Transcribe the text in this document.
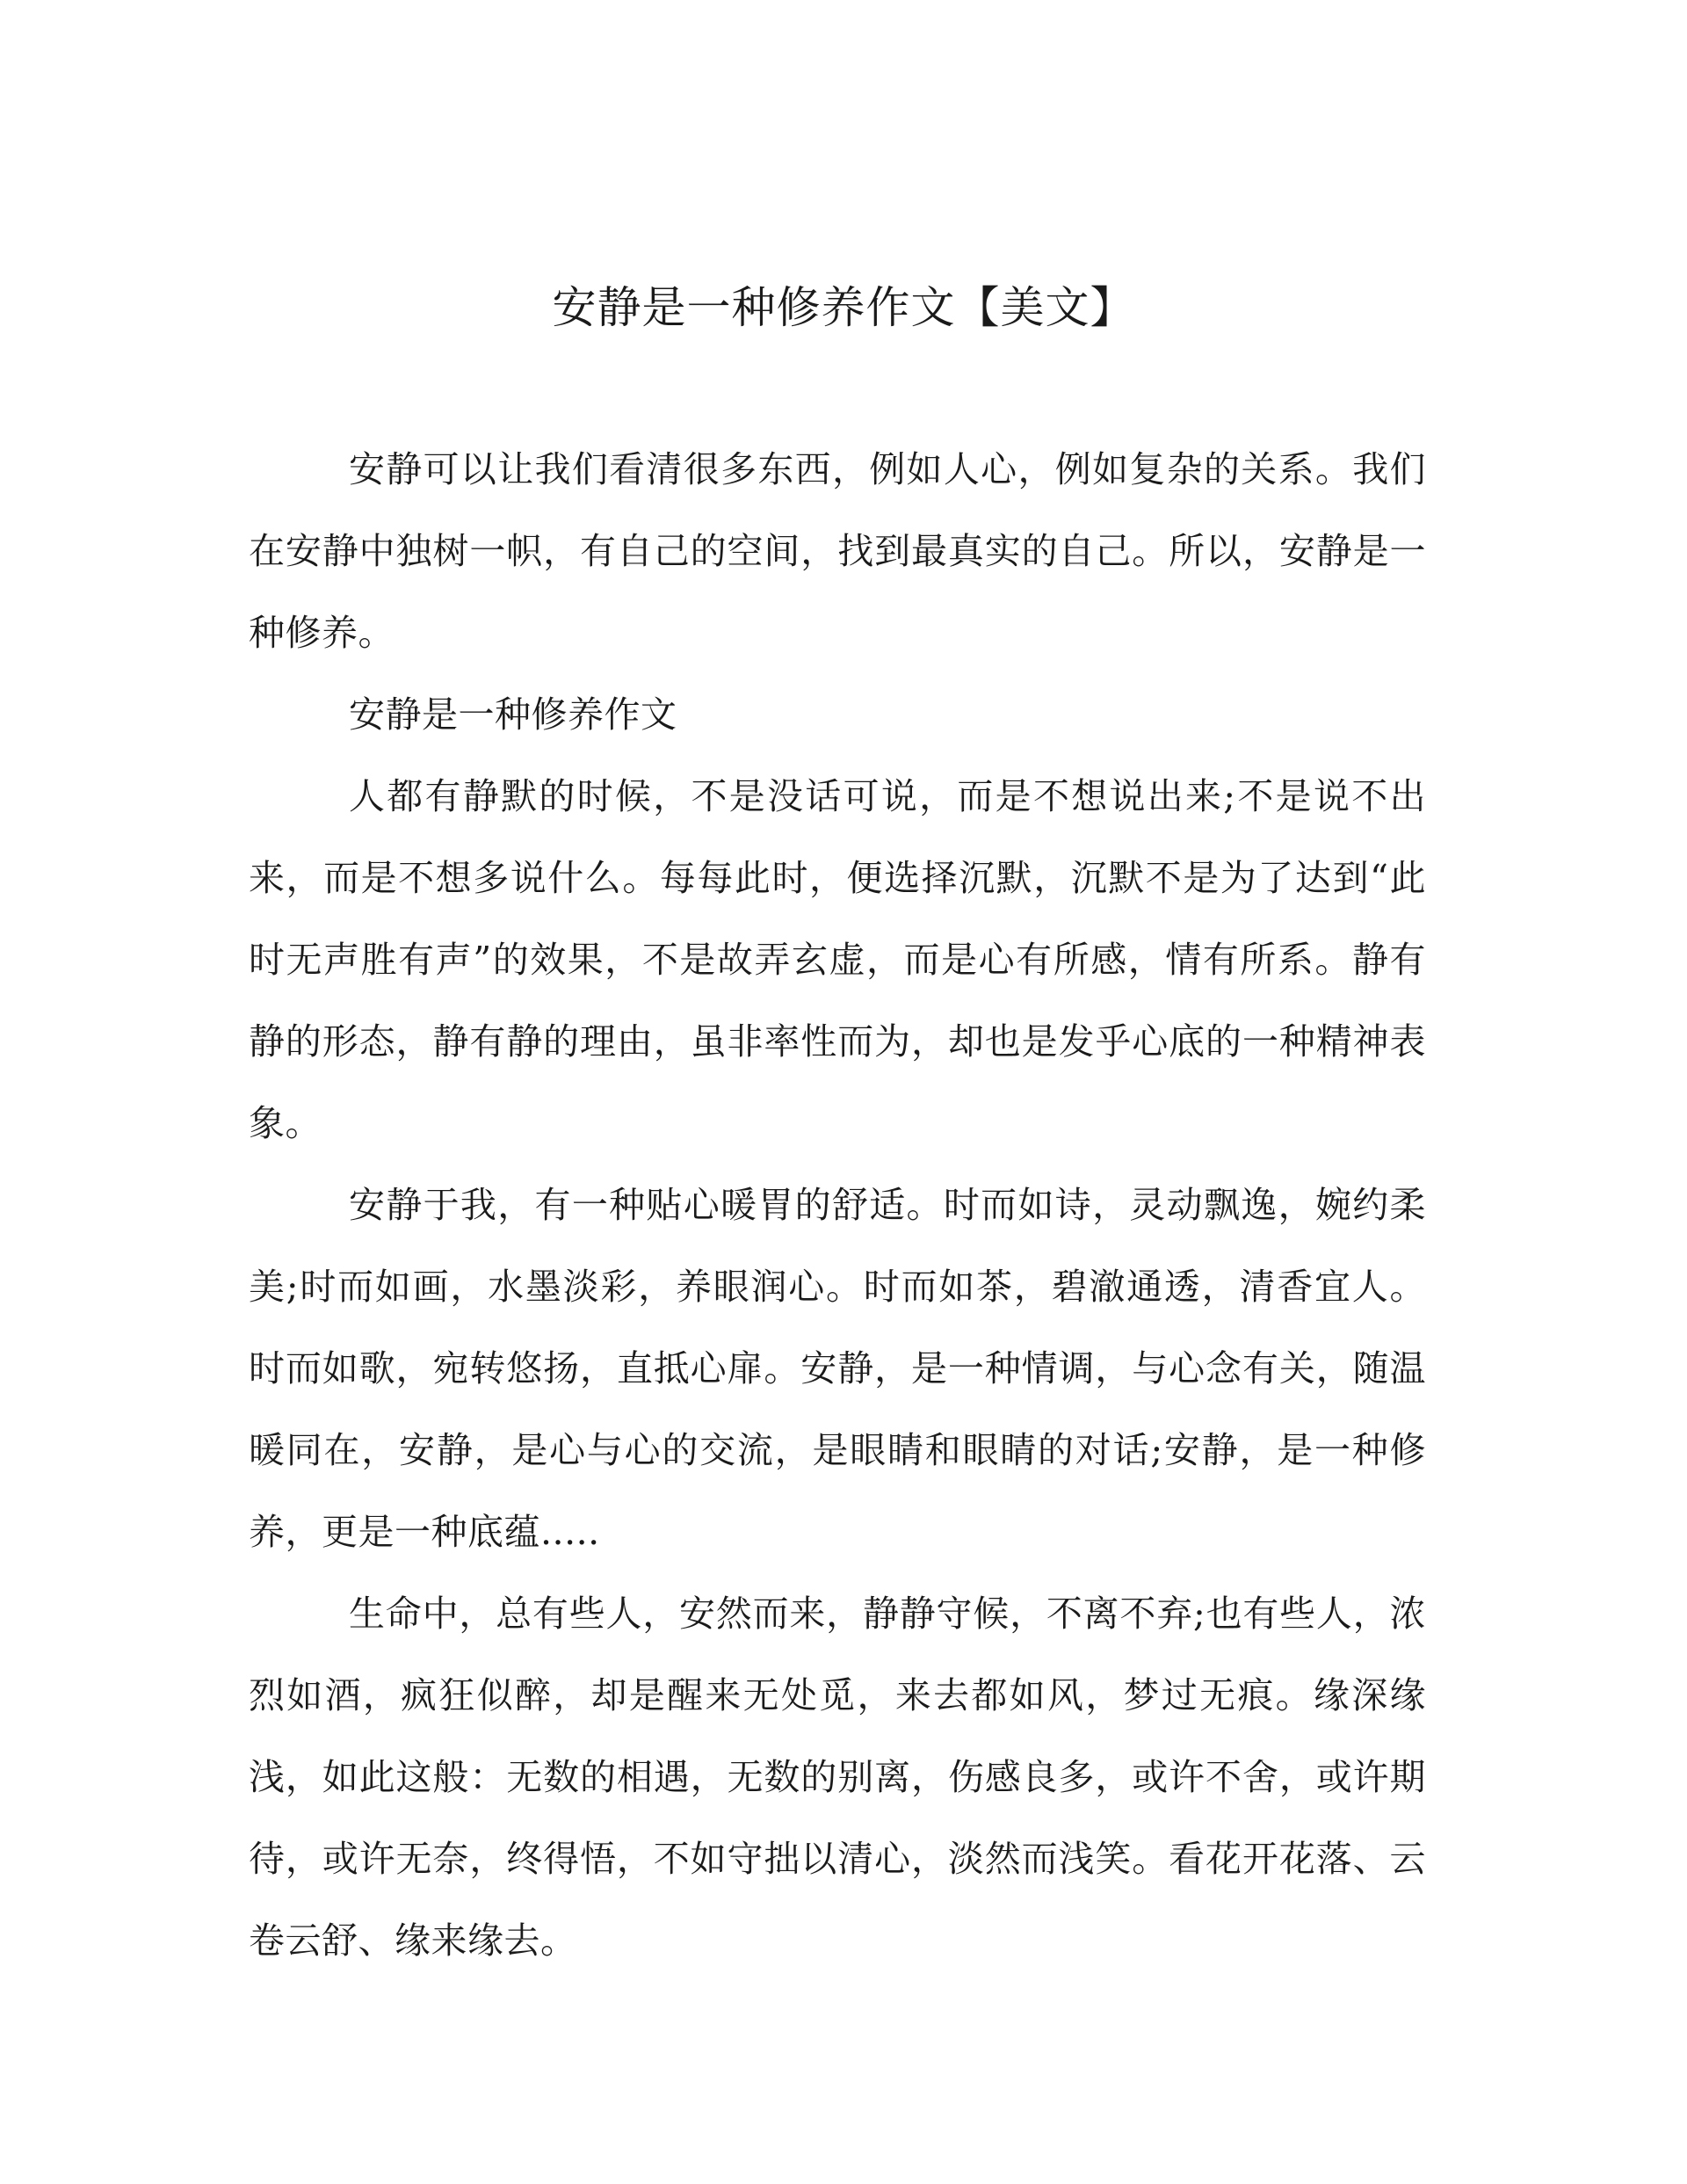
安静是一种修养作文【美文】

安静可以让我们看清很多东西，例如人心，例如复杂的关系。我们在安静中独树一帜，有自己的空间，找到最真实的自己。所以，安静是一种修养。

安静是一种修养作文

人都有静默的时候，不是没话可说，而是不想说出来;不是说不出来，而是不想多说什么。每每此时，便选择沉默，沉默不是为了达到“此时无声胜有声”的效果，不是故弄玄虚，而是心有所感，情有所系。静有静的形态，静有静的理由，虽非率性而为，却也是发乎心底的一种精神表象。

安静于我，有一种贴心暖胃的舒适。时而如诗，灵动飘逸，婉约柔美;时而如画，水墨淡彩，养眼润心。时而如茶，碧澈通透，清香宜人。时而如歌，宛转悠扬，直抵心扉。安静，是一种情调，与心念有关，随温暖同在，安静，是心与心的交流，是眼睛和眼睛的对话;安静，是一种修养，更是一种底蕴.....

生命中，总有些人，安然而来，静静守候，不离不弃;也有些人，浓烈如酒，疯狂似醉，却是醒来无处觅，来去都如风，梦过无痕。缘深缘浅，如此这般：无数的相遇，无数的别离，伤感良多，或许不舍，或许期待，或许无奈，终得悟，不如守拙以清心，淡然而浅笑。看花开花落、云卷云舒、缘来缘去。
